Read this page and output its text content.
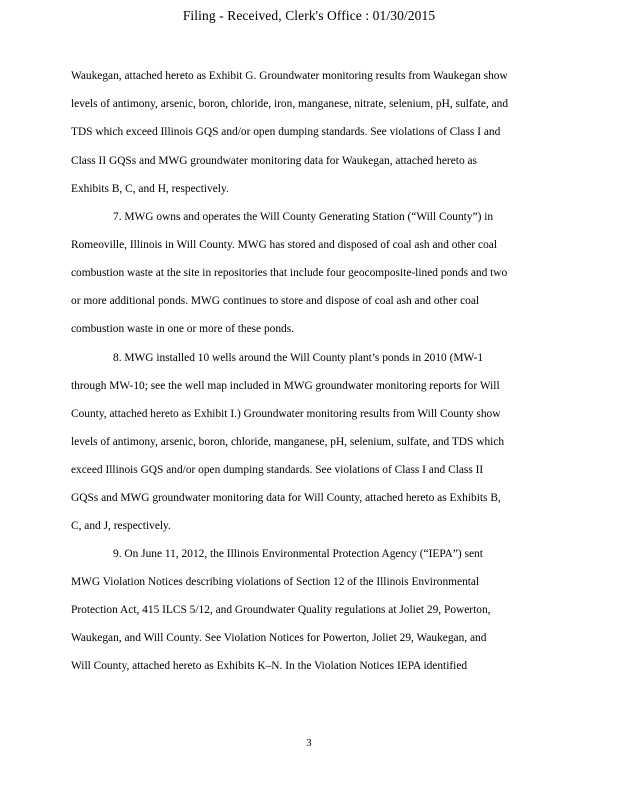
Filing - Received, Clerk's Office : 01/30/2015
Waukegan, attached hereto as Exhibit G. Groundwater monitoring results from Waukegan show
levels of antimony, arsenic, boron, chloride, iron, manganese, nitrate, selenium, pH, sulfate, and
TDS which exceed Illinois GQS and/or open dumping standards. See violations of Class I and
Class II GQSs and MWG groundwater monitoring data for Waukegan, attached hereto as
Exhibits B, C, and H, respectively.
7. MWG owns and operates the Will County Generating Station (“Will County”) in
Romeoville, Illinois in Will County. MWG has stored and disposed of coal ash and other coal
combustion waste at the site in repositories that include four geocomposite-lined ponds and two
or more additional ponds. MWG continues to store and dispose of coal ash and other coal
combustion waste in one or more of these ponds.
8. MWG installed 10 wells around the Will County plant’s ponds in 2010 (MW-1
through MW-10; see the well map included in MWG groundwater monitoring reports for Will
County, attached hereto as Exhibit I.) Groundwater monitoring results from Will County show
levels of antimony, arsenic, boron, chloride, manganese, pH, selenium, sulfate, and TDS which
exceed Illinois GQS and/or open dumping standards. See violations of Class I and Class II
GQSs and MWG groundwater monitoring data for Will County, attached hereto as Exhibits B,
C, and J, respectively.
9. On June 11, 2012, the Illinois Environmental Protection Agency (“IEPA”) sent
MWG Violation Notices describing violations of Section 12 of the Illinois Environmental
Protection Act, 415 ILCS 5/12, and Groundwater Quality regulations at Joliet 29, Powerton,
Waukegan, and Will County. See Violation Notices for Powerton, Joliet 29, Waukegan, and
Will County, attached hereto as Exhibits K–N. In the Violation Notices IEPA identified
3
